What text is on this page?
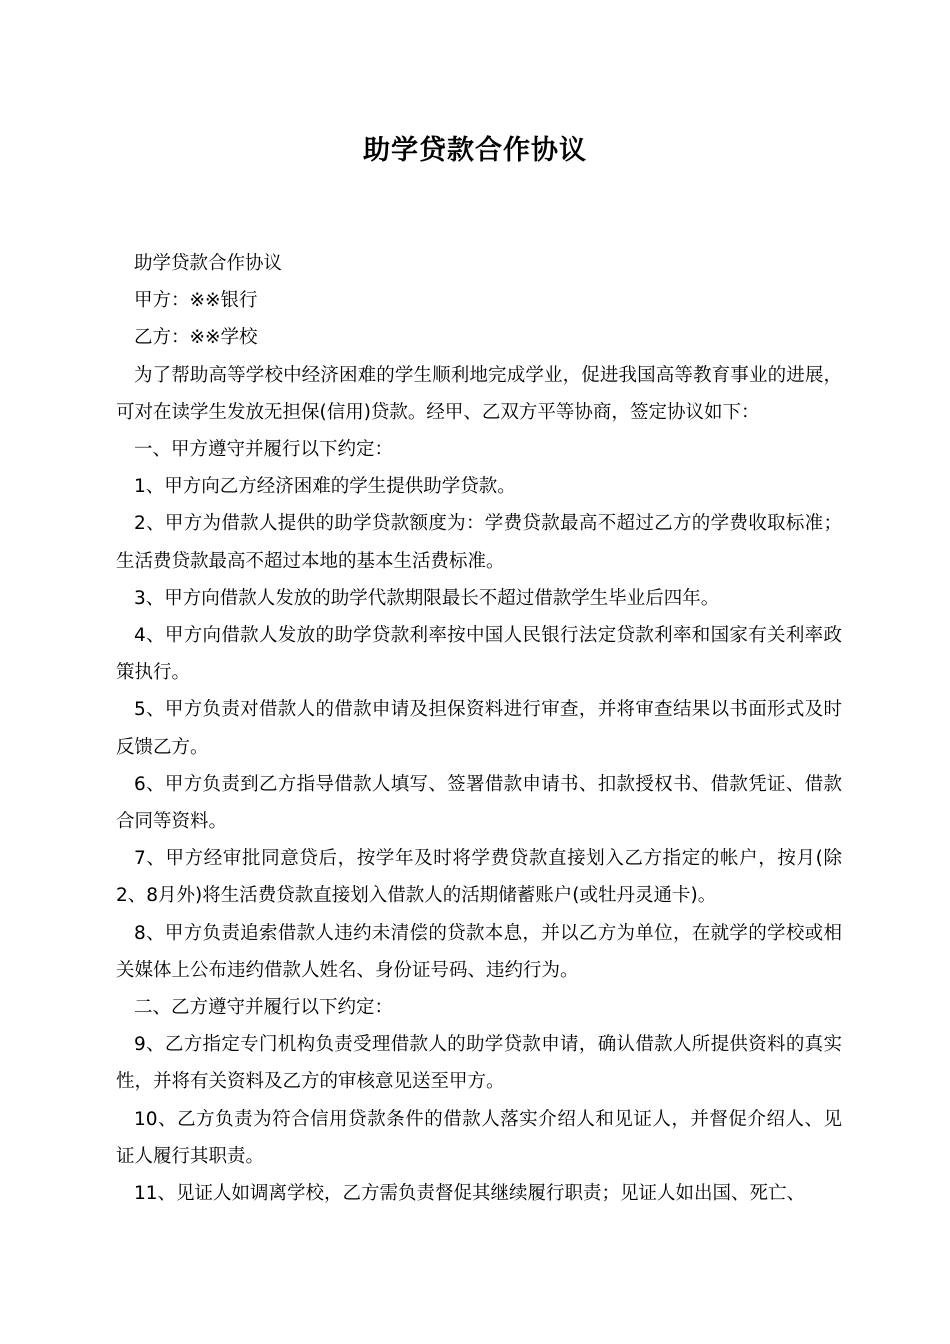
助学贷款合作协议

助学贷款合作协议

甲方：※※银行

乙方：※※学校

为了帮助高等学校中经济困难的学生顺利地完成学业，促进我国高等教育事业的进展，可对在读学生发放无担保(信用)贷款。经甲、乙双方平等协商，签定协议如下：

一、甲方遵守并履行以下约定：

1、甲方向乙方经济困难的学生提供助学贷款。

2、甲方为借款人提供的助学贷款额度为：学费贷款最高不超过乙方的学费收取标准；生活费贷款最高不超过本地的基本生活费标准。

3、甲方向借款人发放的助学代款期限最长不超过借款学生毕业后四年。

4、甲方向借款人发放的助学贷款利率按中国人民银行法定贷款利率和国家有关利率政策执行。

5、甲方负责对借款人的借款申请及担保资料进行审查，并将审查结果以书面形式及时反馈乙方。

6、甲方负责到乙方指导借款人填写、签署借款申请书、扣款授权书、借款凭证、借款合同等资料。

7、甲方经审批同意贷后，按学年及时将学费贷款直接划入乙方指定的帐户，按月(除2、8月外)将生活费贷款直接划入借款人的活期储蓄账户(或牡丹灵通卡)。

8、甲方负责追索借款人违约未清偿的贷款本息，并以乙方为单位，在就学的学校或相关媒体上公布违约借款人姓名、身份证号码、违约行为。

二、乙方遵守并履行以下约定：

9、乙方指定专门机构负责受理借款人的助学贷款申请，确认借款人所提供资料的真实性，并将有关资料及乙方的审核意见送至甲方。

10、乙方负责为符合信用贷款条件的借款人落实介绍人和见证人，并督促介绍人、见证人履行其职责。

11、见证人如调离学校，乙方需负责督促其继续履行职责；见证人如出国、死亡、
